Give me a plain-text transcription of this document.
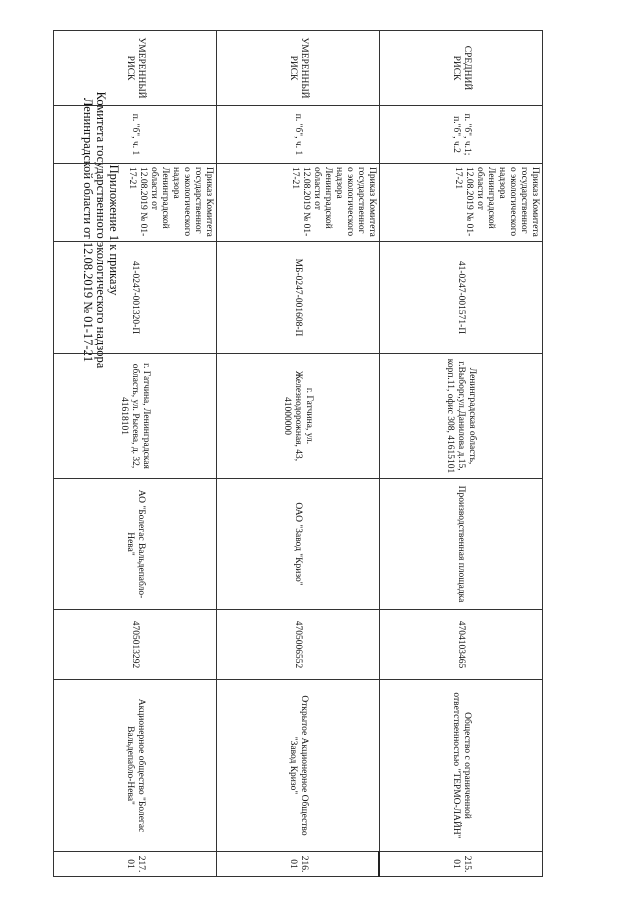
Приложение 1 к приказу
Комитета государственного экологического надзора
Ленинградской области от 12.08.2019 № 01-17-21
СРЕДНИЙ РИСК	п. "б", ч.1; п."б", ч.2	Приказ Комитета государственного экологического надзора Ленинградской области от 12.08.2019 № 01-17-21	41-0247-001571-П	Ленинградская область, г.Выборг,ул.Данилова д.15, корп.11, офис 308, 41615101	Производственная площадка	4704103465	Общество с ограниченной ответственностью "ТЕРМО-ЛАЙН"	215.01
УМЕРЕННЫЙ РИСК	п. "б", ч. 1	Приказ Комитета государственного экологического надзора Ленинградской области от 12.08.2019 № 01-17-21	МБ-0247-001608-П	г. Гатчина, ул. Железнодорожная, 43, 41000000	ОАО "Завод "Кризо"	4705006552	Открытое Акционерное Общество "Завод Кризо"	216.01
УМЕРЕННЫЙ РИСК	п. "б", ч. 1	Приказ Комитета государственного экологического надзора Ленинградской области от 12.08.2019 № 01-17-21	41-0247-001320-П	г. Гатчина, Ленинградская область, ул. Рысева, д. 32, 41618101	АО "Болегас Вальдепабло-Нева"	4705013292	Акционерное общество "Болегас Вальдепабло-Нева"	217.01
